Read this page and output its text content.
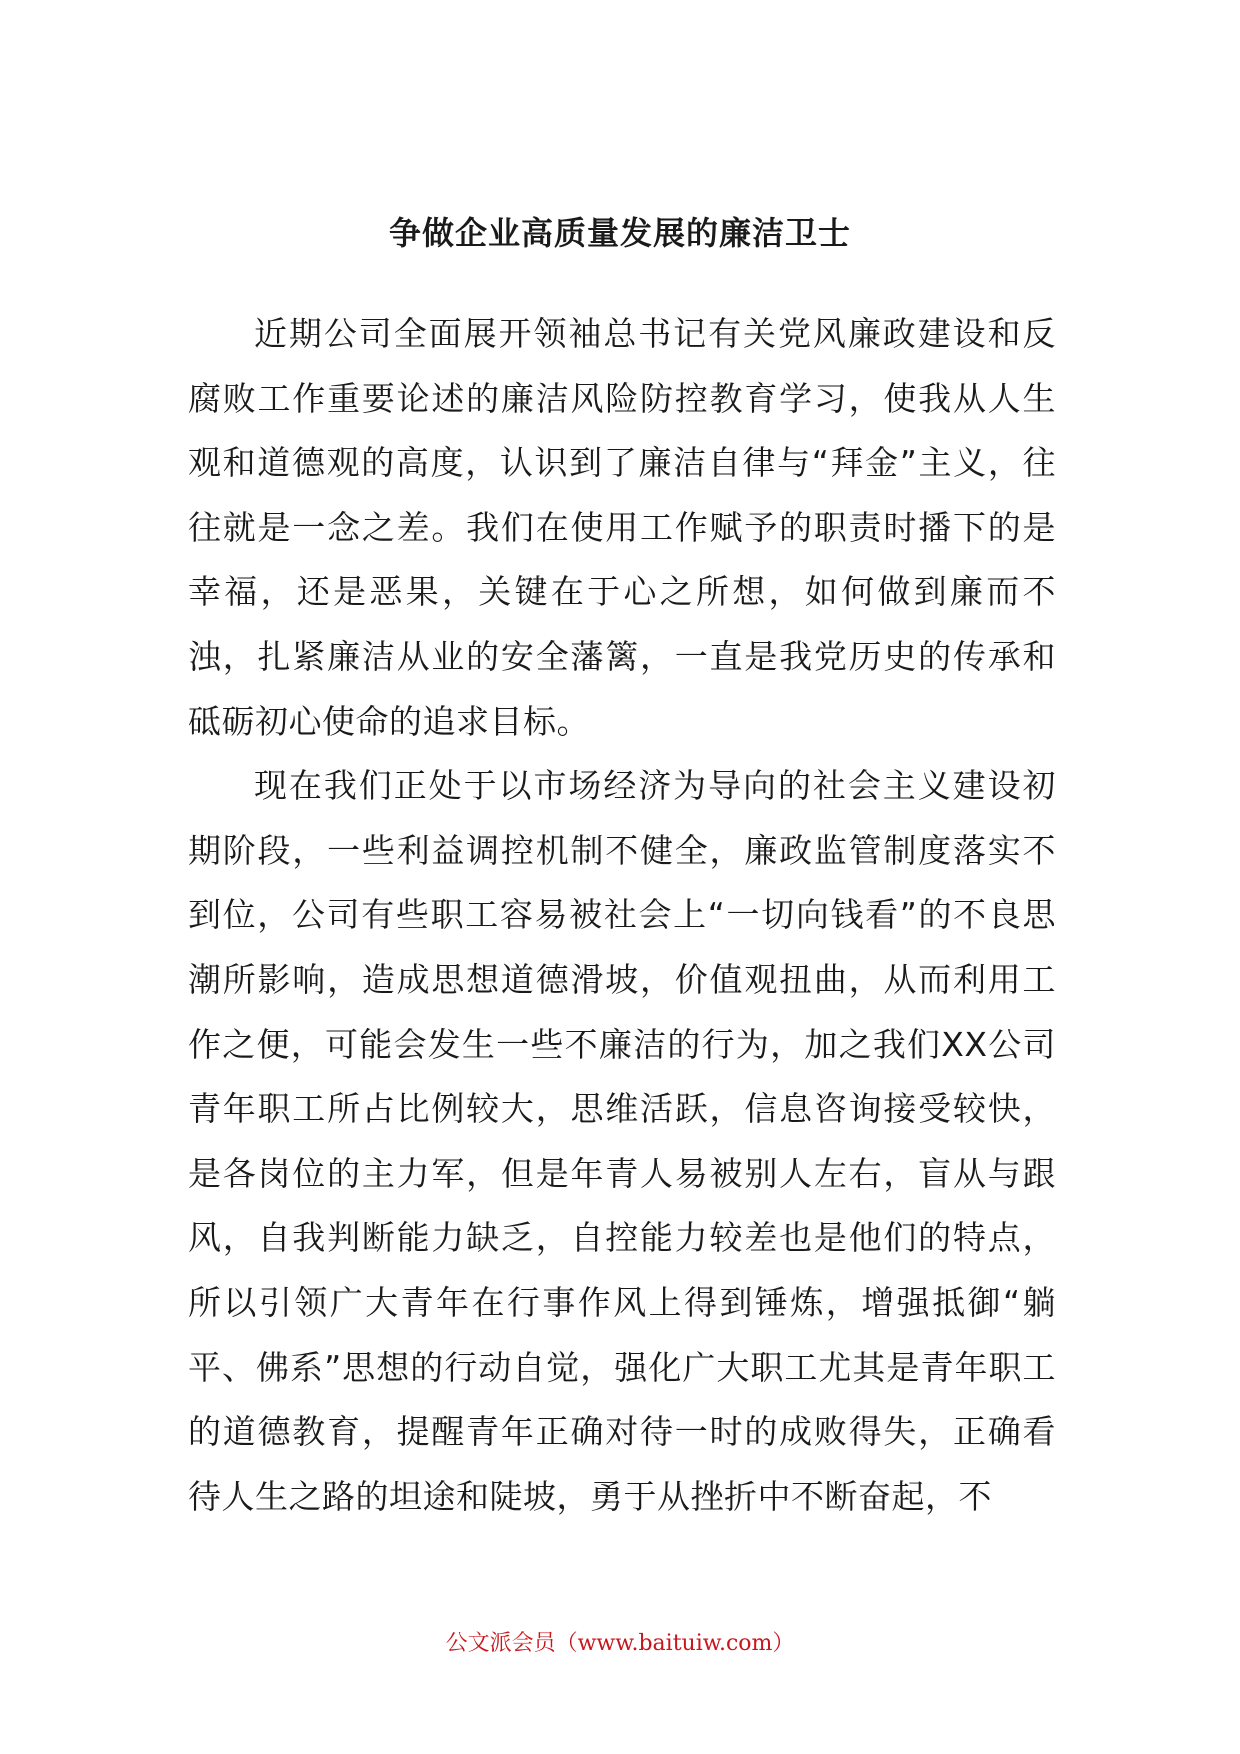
争做企业高质量发展的廉洁卫士

近期公司全面展开领袖总书记有关党风廉政建设和反腐败工作重要论述的廉洁风险防控教育学习，使我从人生观和道德观的高度，认识到了廉洁自律与“拜金”主义，往往就是一念之差。我们在使用工作赋予的职责时播下的是幸福，还是恶果，关键在于心之所想，如何做到廉而不浊，扎紧廉洁从业的安全藩篱，一直是我党历史的传承和砥砺初心使命的追求目标。

现在我们正处于以市场经济为导向的社会主义建设初期阶段，一些利益调控机制不健全，廉政监管制度落实不到位，公司有些职工容易被社会上“一切向钱看”的不良思潮所影响，造成思想道德滑坡，价值观扭曲，从而利用工作之便，可能会发生一些不廉洁的行为，加之我们XX公司青年职工所占比例较大，思维活跃，信息咨询接受较快，是各岗位的主力军，但是年青人易被别人左右，盲从与跟风，自我判断能力缺乏，自控能力较差也是他们的特点，所以引领广大青年在行事作风上得到锤炼，增强抵御“躺平、佛系”思想的行动自觉，强化广大职工尤其是青年职工的道德教育，提醒青年正确对待一时的成败得失，正确看待人生之路的坦途和陡坡，勇于从挫折中不断奋起，不

公文派会员（www.baituiw.com）
